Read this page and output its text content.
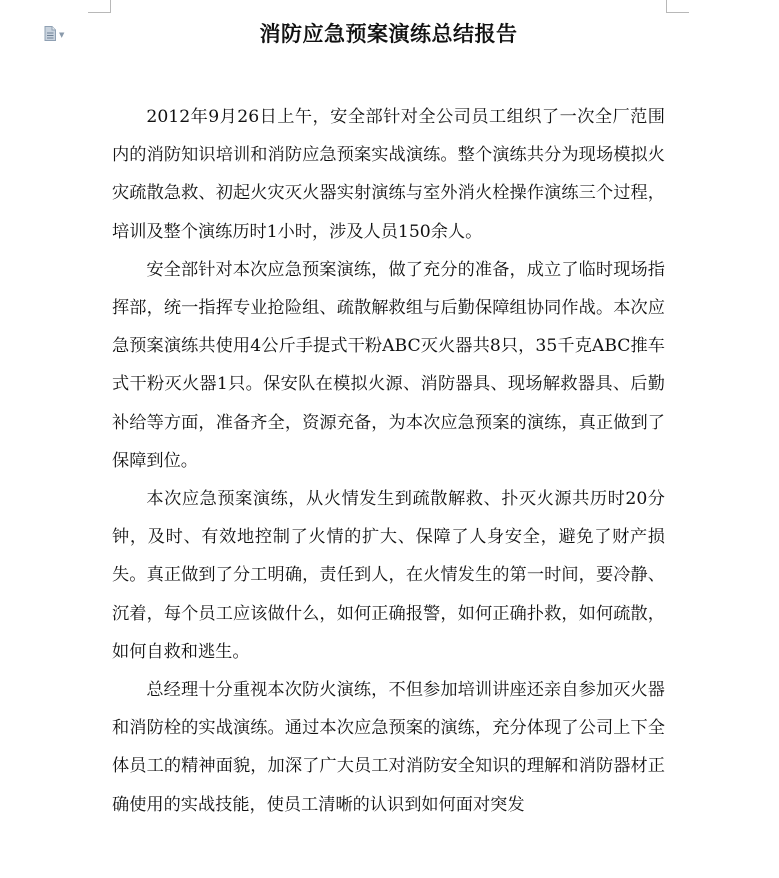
▼	消防应急预案演练总结报告

2012年9月26日上午，安全部针对全公司员工组织了一次全厂范围内的消防知识培训和消防应急预案实战演练。整个演练共分为现场模拟火灾疏散急救、初起火灾灭火器实射演练与室外消火栓操作演练三个过程，培训及整个演练历时1小时，涉及人员150余人。

安全部针对本次应急预案演练，做了充分的准备，成立了临时现场指挥部，统一指挥专业抢险组、疏散解救组与后勤保障组协同作战。本次应急预案演练共使用4公斤手提式干粉ABC灭火器共8只，35千克ABC推车式干粉灭火器1只。保安队在模拟火源、消防器具、现场解救器具、后勤补给等方面，准备齐全，资源充备，为本次应急预案的演练，真正做到了保障到位。

本次应急预案演练，从火情发生到疏散解救、扑灭火源共历时20分钟，及时、有效地控制了火情的扩大、保障了人身安全，避免了财产损失。真正做到了分工明确，责任到人，在火情发生的第一时间，要冷静、沉着，每个员工应该做什么，如何正确报警，如何正确扑救，如何疏散，如何自救和逃生。

总经理十分重视本次防火演练，不但参加培训讲座还亲自参加灭火器和消防栓的实战演练。通过本次应急预案的演练，充分体现了公司上下全体员工的精神面貌，加深了广大员工对消防安全知识的理解和消防器材正确使用的实战技能，使员工清晰的认识到如何面对突发
